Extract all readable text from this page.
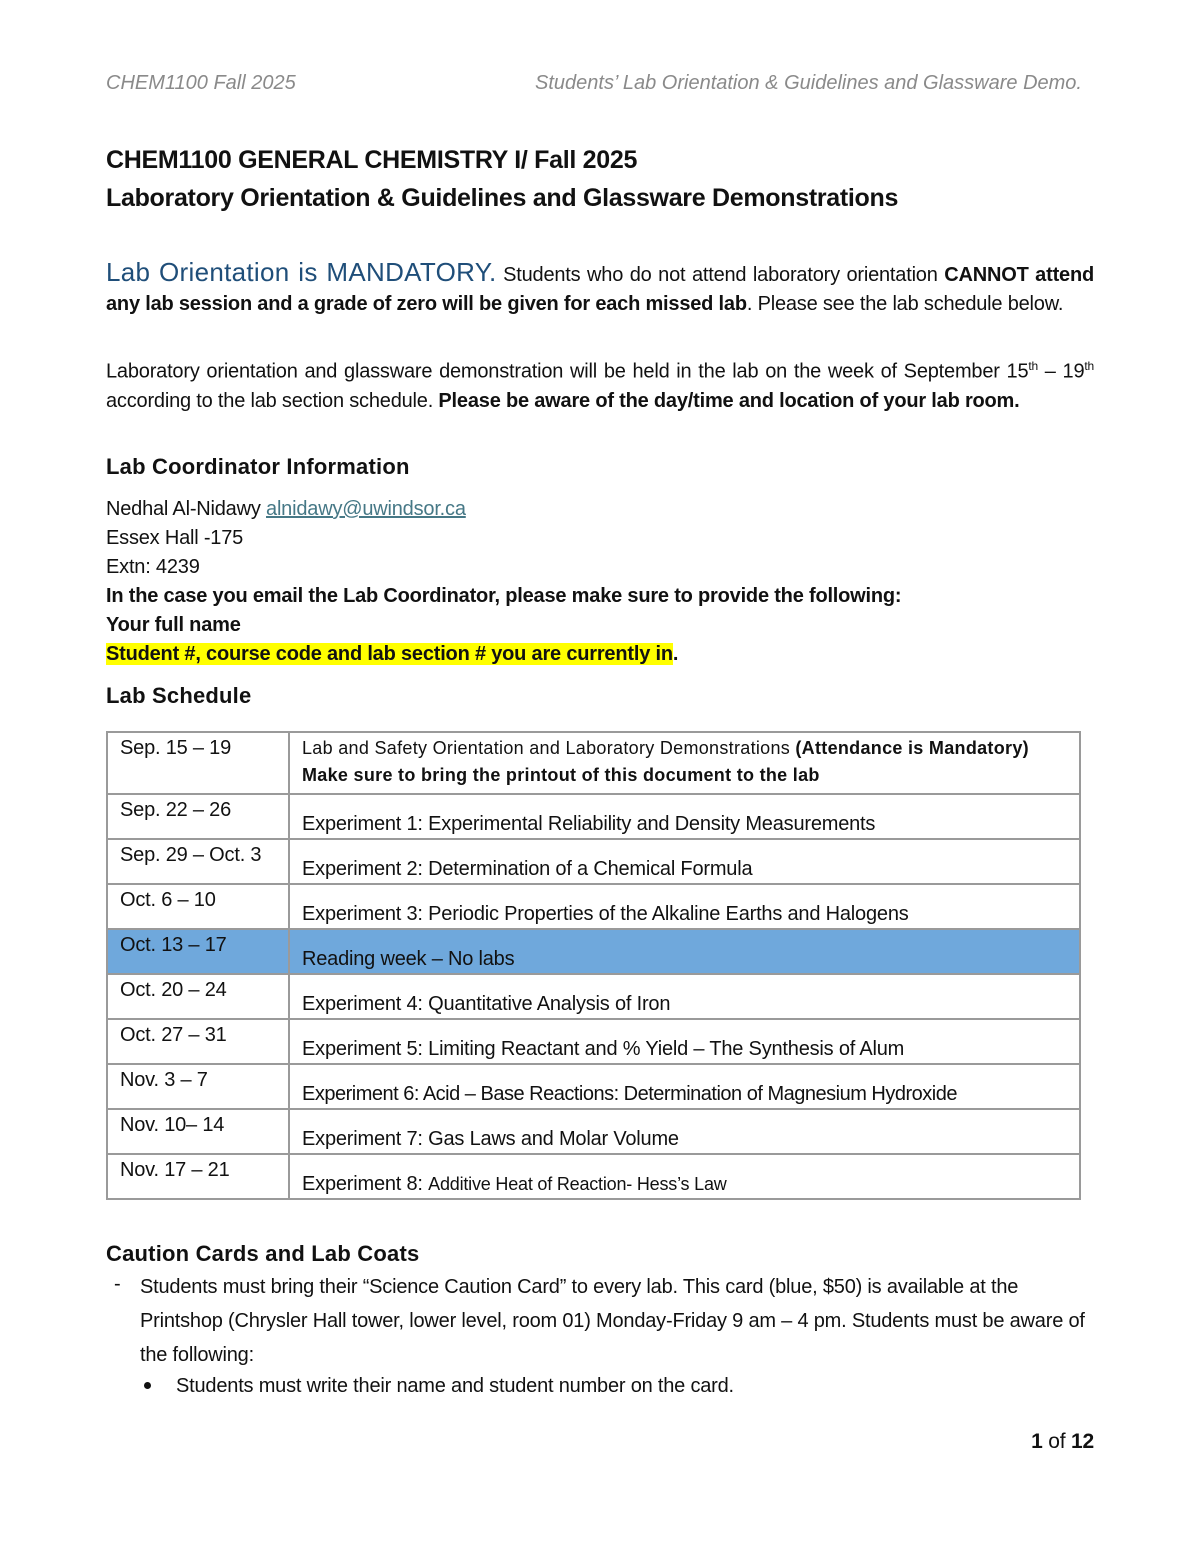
CHEM1100 Fall 2025	Students’ Lab Orientation & Guidelines and Glassware Demo.
CHEM1100 GENERAL CHEMISTRY I/ Fall 2025
Laboratory Orientation & Guidelines and Glassware Demonstrations
Lab Orientation is MANDATORY. Students who do not attend laboratory orientation CANNOT attend any lab session and a grade of zero will be given for each missed lab. Please see the lab schedule below.
Laboratory orientation and glassware demonstration will be held in the lab on the week of September 15th – 19th according to the lab section schedule. Please be aware of the day/time and location of your lab room.
Lab Coordinator Information
Nedhal Al-Nidawy alnidawy@uwindsor.ca
Essex Hall -175
Extn: 4239
In the case you email the Lab Coordinator, please make sure to provide the following:
Your full name
Student #, course code and lab section # you are currently in.
Lab Schedule
Sep. 15 – 19	Lab and Safety Orientation and Laboratory Demonstrations (Attendance is Mandatory)
Make sure to bring the printout of this document to the lab
Sep. 22 – 26	Experiment 1: Experimental Reliability and Density Measurements
Sep. 29 – Oct. 3	Experiment 2: Determination of a Chemical Formula
Oct. 6 – 10	Experiment 3: Periodic Properties of the Alkaline Earths and Halogens
Oct. 13 – 17	Reading week – No labs
Oct. 20 – 24	Experiment 4: Quantitative Analysis of Iron
Oct. 27 – 31	Experiment 5: Limiting Reactant and % Yield – The Synthesis of Alum
Nov. 3 – 7	Experiment 6: Acid – Base Reactions: Determination of Magnesium Hydroxide
Nov. 10– 14	Experiment 7: Gas Laws and Molar Volume
Nov. 17 – 21	Experiment 8: Additive Heat of Reaction- Hess’s Law
Caution Cards and Lab Coats
- Students must bring their “Science Caution Card” to every lab. This card (blue, $50) is available at the Printshop (Chrysler Hall tower, lower level, room 01) Monday-Friday 9 am – 4 pm. Students must be aware of the following:
Students must write their name and student number on the card.
1 of 12
